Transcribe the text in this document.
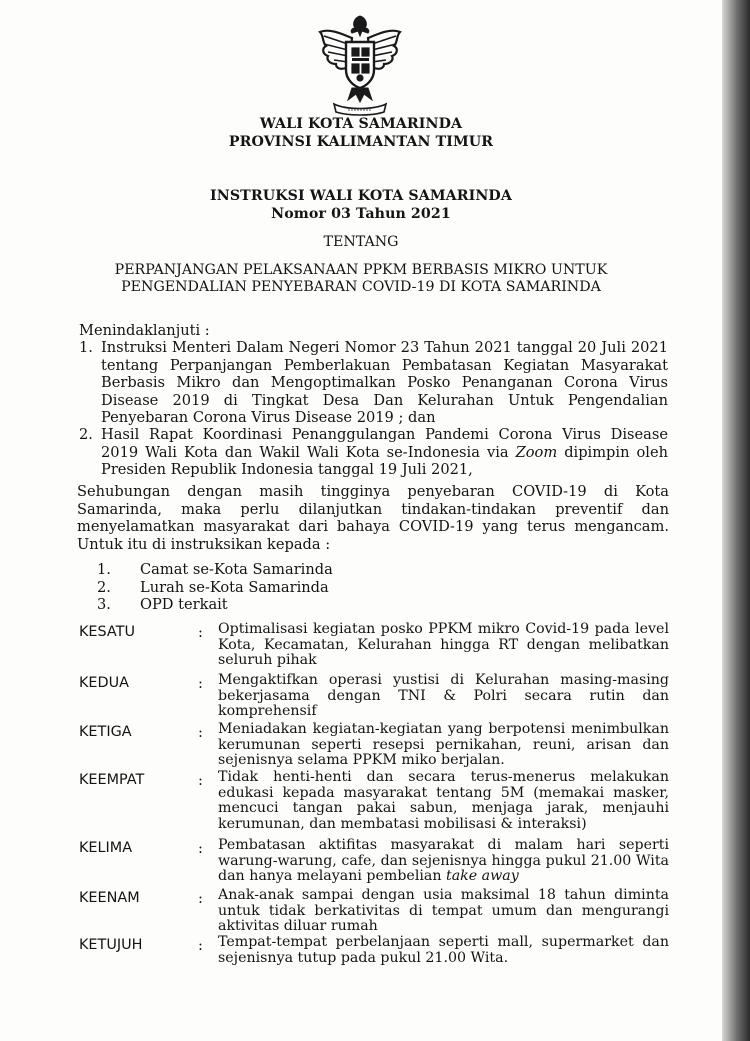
WALI KOTA SAMARINDA
PROVINSI KALIMANTAN TIMUR
INSTRUKSI WALI KOTA SAMARINDA
Nomor 03 Tahun 2021
TENTANG
PERPANJANGAN PELAKSANAAN PPKM BERBASIS MIKRO UNTUK
PENGENDALIAN PENYEBARAN COVID-19 DI KOTA SAMARINDA
Menindaklanjuti :
1. Instruksi Menteri Dalam Negeri Nomor 23 Tahun 2021 tanggal 20 Juli 2021 tentang Perpanjangan Pemberlakuan Pembatasan Kegiatan Masyarakat Berbasis Mikro dan Mengoptimalkan Posko Penanganan Corona Virus Disease 2019 di Tingkat Desa Dan Kelurahan Untuk Pengendalian Penyebaran Corona Virus Disease 2019 ; dan
2. Hasil Rapat Koordinasi Penanggulangan Pandemi Corona Virus Disease 2019 Wali Kota dan Wakil Wali Kota se-Indonesia via Zoom dipimpin oleh Presiden Republik Indonesia tanggal 19 Juli 2021,
Sehubungan dengan masih tingginya penyebaran COVID-19 di Kota Samarinda, maka perlu dilanjutkan tindakan-tindakan preventif dan menyelamatkan masyarakat dari bahaya COVID-19 yang terus mengancam. Untuk itu di instruksikan kepada :
1. Camat se-Kota Samarinda
2. Lurah se-Kota Samarinda
3. OPD terkait
KESATU	: Optimalisasi kegiatan posko PPKM mikro Covid-19 pada level Kota, Kecamatan, Kelurahan hingga RT dengan melibatkan seluruh pihak
KEDUA	: Mengaktifkan operasi yustisi di Kelurahan masing-masing bekerjasama dengan TNI & Polri secara rutin dan komprehensif
KETIGA	: Meniadakan kegiatan-kegiatan yang berpotensi menimbulkan kerumunan seperti resepsi pernikahan, reuni, arisan dan sejenisnya selama PPKM miko berjalan.
KEEMPAT	: Tidak henti-henti dan secara terus-menerus melakukan edukasi kepada masyarakat tentang 5M (memakai masker, mencuci tangan pakai sabun, menjaga jarak, menjauhi kerumunan, dan membatasi mobilisasi & interaksi)
KELIMA	: Pembatasan aktifitas masyarakat di malam hari seperti warung-warung, cafe, dan sejenisnya hingga pukul 21.00 Wita dan hanya melayani pembelian take away
KEENAM	: Anak-anak sampai dengan usia maksimal 18 tahun diminta untuk tidak berkativitas di tempat umum dan mengurangi aktivitas diluar rumah
KETUJUH	: Tempat-tempat perbelanjaan seperti mall, supermarket dan sejenisnya tutup pada pukul 21.00 Wita.
